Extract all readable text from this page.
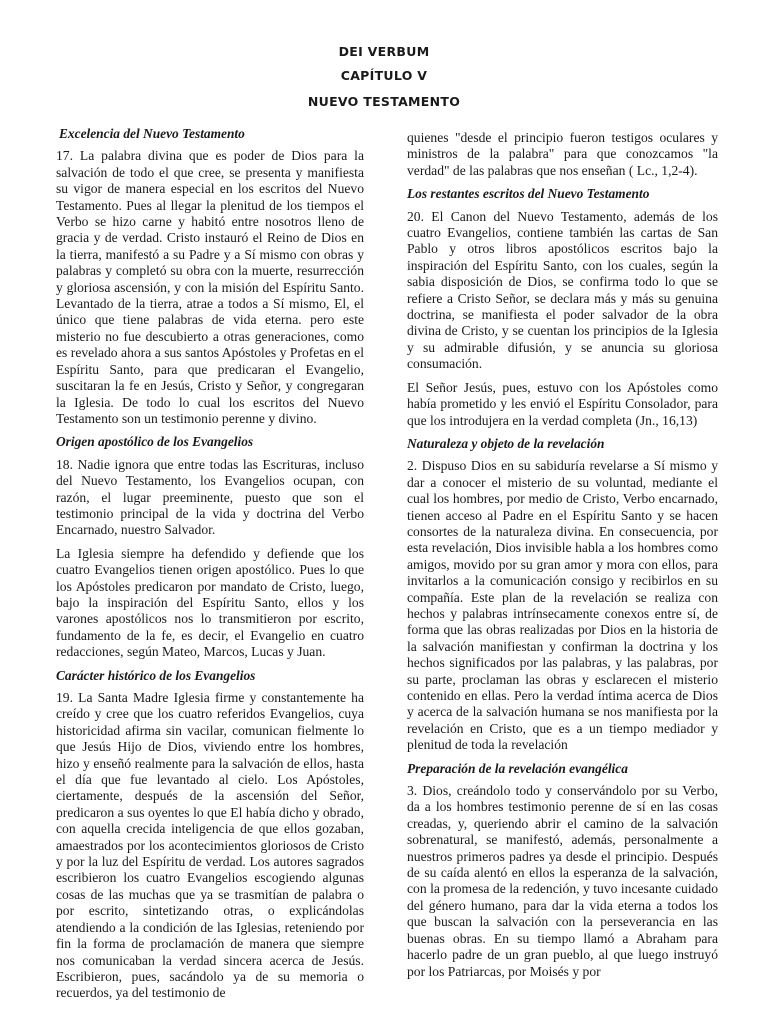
DEI VERBUM
CAPÍTULO V
NUEVO TESTAMENTO
Excelencia del Nuevo Testamento

17. La palabra divina que es poder de Dios para la salvación de todo el que cree, se presenta y manifiesta su vigor de manera especial en los escritos del Nuevo Testamento. Pues al llegar la plenitud de los tiempos el Verbo se hizo carne y habitó entre nosotros lleno de gracia y de verdad. Cristo instauró el Reino de Dios en la tierra, manifestó a su Padre y a Sí mismo con obras y palabras y completó su obra con la muerte, resurrección y gloriosa ascensión, y con la misión del Espíritu Santo. Levantado de la tierra, atrae a todos a Sí mismo, El, el único que tiene palabras de vida eterna. pero este misterio no fue descubierto a otras generaciones, como es revelado ahora a sus santos Apóstoles y Profetas en el Espíritu Santo, para que predicaran el Evangelio, suscitaran la fe en Jesús, Cristo y Señor, y congregaran la Iglesia. De todo lo cual los escritos del Nuevo Testamento son un testimonio perenne y divino.

Origen apostólico de los Evangelios

18. Nadie ignora que entre todas las Escrituras, incluso del Nuevo Testamento, los Evangelios ocupan, con razón, el lugar preeminente, puesto que son el testimonio principal de la vida y doctrina del Verbo Encarnado, nuestro Salvador.

La Iglesia siempre ha defendido y defiende que los cuatro Evangelios tienen origen apostólico. Pues lo que los Apóstoles predicaron por mandato de Cristo, luego, bajo la inspiración del Espíritu Santo, ellos y los varones apostólicos nos lo transmitieron por escrito, fundamento de la fe, es decir, el Evangelio en cuatro redacciones, según Mateo, Marcos, Lucas y Juan.

Carácter histórico de los Evangelios

19. La Santa Madre Iglesia firme y constantemente ha creído y cree que los cuatro referidos Evangelios, cuya historicidad afirma sin vacilar, comunican fielmente lo que Jesús Hijo de Dios, viviendo entre los hombres, hizo y enseñó realmente para la salvación de ellos, hasta el día que fue levantado al cielo. Los Apóstoles, ciertamente, después de la ascensión del Señor, predicaron a sus oyentes lo que El había dicho y obrado, con aquella crecida inteligencia de que ellos gozaban, amaestrados por los acontecimientos gloriosos de Cristo y por la luz del Espíritu de verdad. Los autores sagrados escribieron los cuatro Evangelios escogiendo algunas cosas de las muchas que ya se trasmitían de palabra o por escrito, sintetizando otras, o explicándolas atendiendo a la condición de las Iglesias, reteniendo por fin la forma de proclamación de manera que siempre nos comunicaban la verdad sincera acerca de Jesús. Escribieron, pues, sacándolo ya de su memoria o recuerdos, ya del testimonio de

quienes "desde el principio fueron testigos oculares y ministros de la palabra" para que conozcamos "la verdad" de las palabras que nos enseñan ( Lc., 1,2-4).

Los restantes escritos del Nuevo Testamento

20. El Canon del Nuevo Testamento, además de los cuatro Evangelios, contiene también las cartas de San Pablo y otros libros apostólicos escritos bajo la inspiración del Espíritu Santo, con los cuales, según la sabia disposición de Dios, se confirma todo lo que se refiere a Cristo Señor, se declara más y más su genuina doctrina, se manifiesta el poder salvador de la obra divina de Cristo, y se cuentan los principios de la Iglesia y su admirable difusión, y se anuncia su gloriosa consumación.

El Señor Jesús, pues, estuvo con los Apóstoles como había prometido y les envió el Espíritu Consolador, para que los introdujera en la verdad completa (Jn., 16,13)

Naturaleza y objeto de la revelación

2. Dispuso Dios en su sabiduría revelarse a Sí mismo y dar a conocer el misterio de su voluntad, mediante el cual los hombres, por medio de Cristo, Verbo encarnado, tienen acceso al Padre en el Espíritu Santo y se hacen consortes de la naturaleza divina. En consecuencia, por esta revelación, Dios invisible habla a los hombres como amigos, movido por su gran amor y mora con ellos, para invitarlos a la comunicación consigo y recibirlos en su compañía. Este plan de la revelación se realiza con hechos y palabras intrínsecamente conexos entre sí, de forma que las obras realizadas por Dios en la historia de la salvación manifiestan y confirman la doctrina y los hechos significados por las palabras, y las palabras, por su parte, proclaman las obras y esclarecen el misterio contenido en ellas. Pero la verdad íntima acerca de Dios y acerca de la salvación humana se nos manifiesta por la revelación en Cristo, que es a un tiempo mediador y plenitud de toda la revelación

Preparación de la revelación evangélica

3. Dios, creándolo todo y conservándolo por su Verbo, da a los hombres testimonio perenne de sí en las cosas creadas, y, queriendo abrir el camino de la salvación sobrenatural, se manifestó, además, personalmente a nuestros primeros padres ya desde el principio. Después de su caída alentó en ellos la esperanza de la salvación, con la promesa de la redención, y tuvo incesante cuidado del género humano, para dar la vida eterna a todos los que buscan la salvación con la perseverancia en las buenas obras. En su tiempo llamó a Abraham para hacerlo padre de un gran pueblo, al que luego instruyó por los Patriarcas, por Moisés y por
